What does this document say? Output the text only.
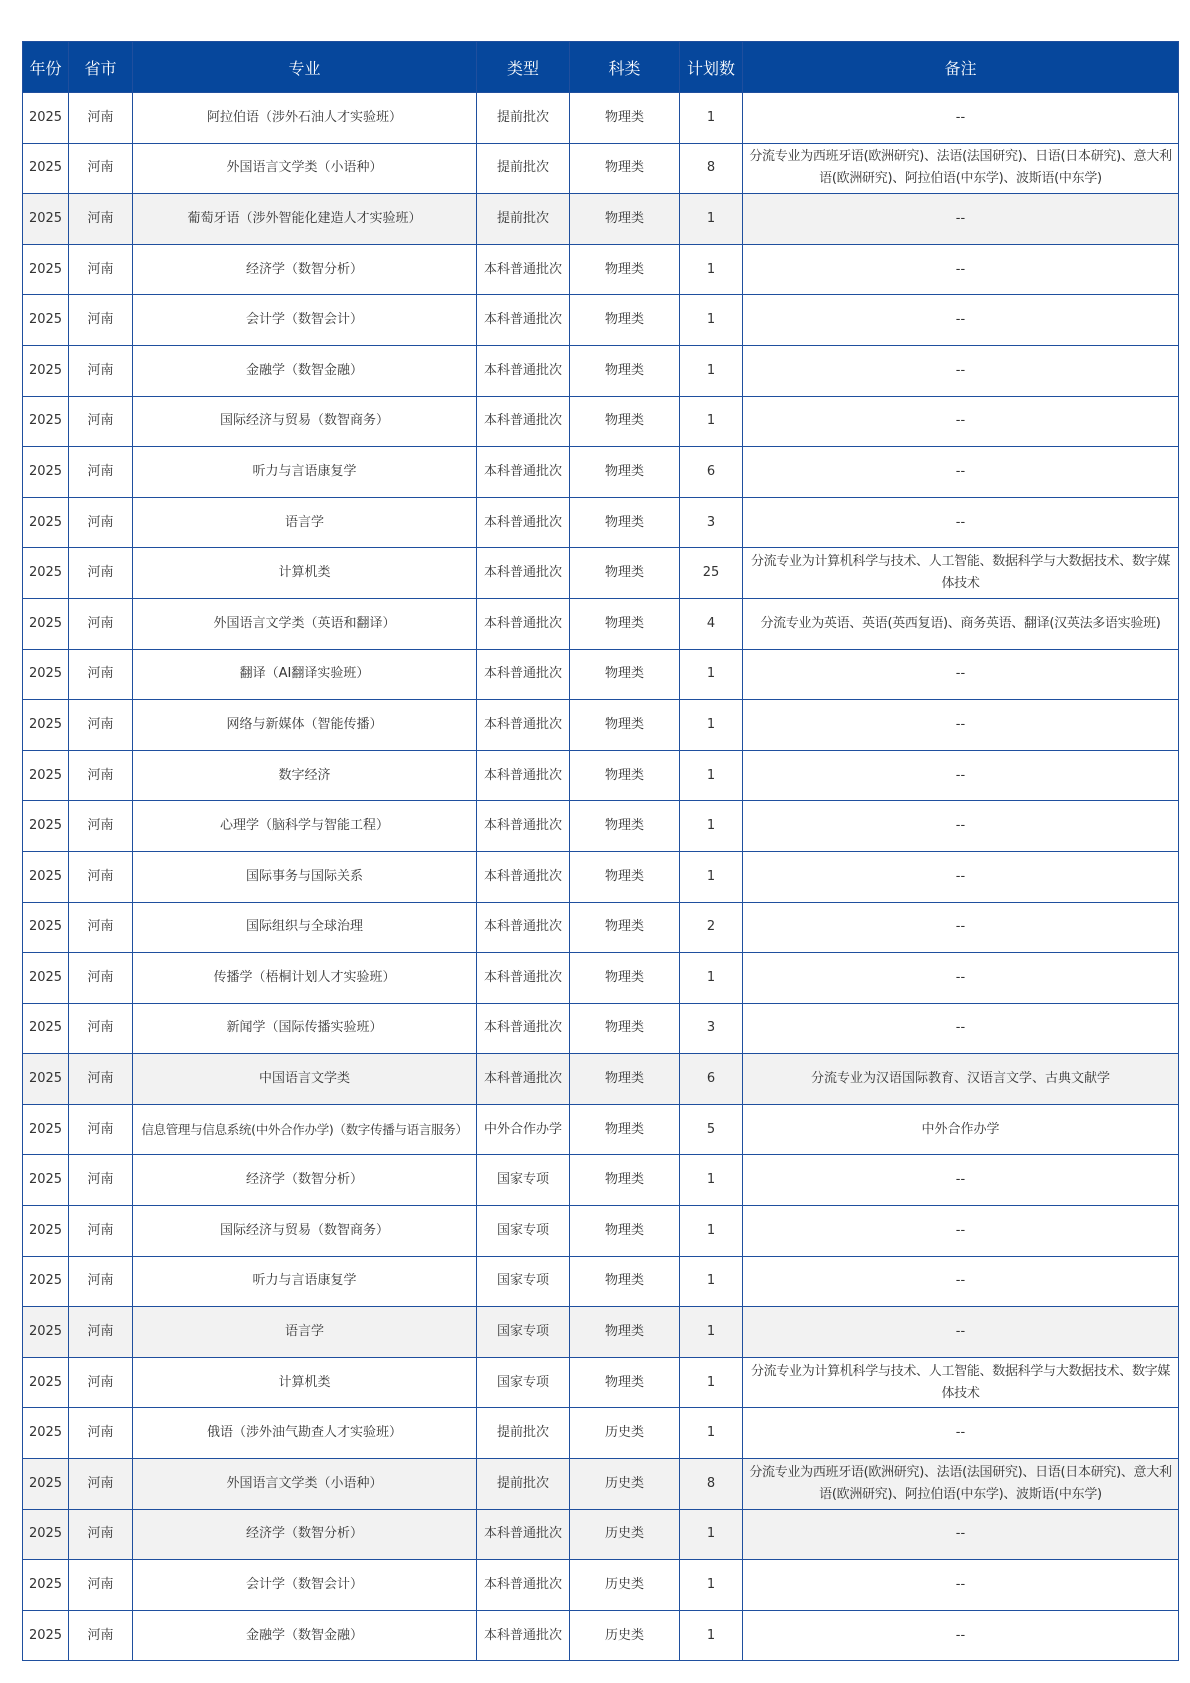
年份	省市	专业	类型	科类	计划数	备注
2025	河南	阿拉伯语（涉外石油人才实验班）	提前批次	物理类	1	--
2025	河南	外国语言文学类（小语种）	提前批次	物理类	8	分流专业为西班牙语(欧洲研究)、法语(法国研究)、日语(日本研究)、意大利语(欧洲研究)、阿拉伯语(中东学)、波斯语(中东学)
2025	河南	葡萄牙语（涉外智能化建造人才实验班）	提前批次	物理类	1	--
2025	河南	经济学（数智分析）	本科普通批次	物理类	1	--
2025	河南	会计学（数智会计）	本科普通批次	物理类	1	--
2025	河南	金融学（数智金融）	本科普通批次	物理类	1	--
2025	河南	国际经济与贸易（数智商务）	本科普通批次	物理类	1	--
2025	河南	听力与言语康复学	本科普通批次	物理类	6	--
2025	河南	语言学	本科普通批次	物理类	3	--
2025	河南	计算机类	本科普通批次	物理类	25	分流专业为计算机科学与技术、人工智能、数据科学与大数据技术、数字媒体技术
2025	河南	外国语言文学类（英语和翻译）	本科普通批次	物理类	4	分流专业为英语、英语(英西复语)、商务英语、翻译(汉英法多语实验班)
2025	河南	翻译（AI翻译实验班）	本科普通批次	物理类	1	--
2025	河南	网络与新媒体（智能传播）	本科普通批次	物理类	1	--
2025	河南	数字经济	本科普通批次	物理类	1	--
2025	河南	心理学（脑科学与智能工程）	本科普通批次	物理类	1	--
2025	河南	国际事务与国际关系	本科普通批次	物理类	1	--
2025	河南	国际组织与全球治理	本科普通批次	物理类	2	--
2025	河南	传播学（梧桐计划人才实验班）	本科普通批次	物理类	1	--
2025	河南	新闻学（国际传播实验班）	本科普通批次	物理类	3	--
2025	河南	中国语言文学类	本科普通批次	物理类	6	分流专业为汉语国际教育、汉语言文学、古典文献学
2025	河南	信息管理与信息系统(中外合作办学)（数字传播与语言服务）	中外合作办学	物理类	5	中外合作办学
2025	河南	经济学（数智分析）	国家专项	物理类	1	--
2025	河南	国际经济与贸易（数智商务）	国家专项	物理类	1	--
2025	河南	听力与言语康复学	国家专项	物理类	1	--
2025	河南	语言学	国家专项	物理类	1	--
2025	河南	计算机类	国家专项	物理类	1	分流专业为计算机科学与技术、人工智能、数据科学与大数据技术、数字媒体技术
2025	河南	俄语（涉外油气勘查人才实验班）	提前批次	历史类	1	--
2025	河南	外国语言文学类（小语种）	提前批次	历史类	8	分流专业为西班牙语(欧洲研究)、法语(法国研究)、日语(日本研究)、意大利语(欧洲研究)、阿拉伯语(中东学)、波斯语(中东学)
2025	河南	经济学（数智分析）	本科普通批次	历史类	1	--
2025	河南	会计学（数智会计）	本科普通批次	历史类	1	--
2025	河南	金融学（数智金融）	本科普通批次	历史类	1	--
